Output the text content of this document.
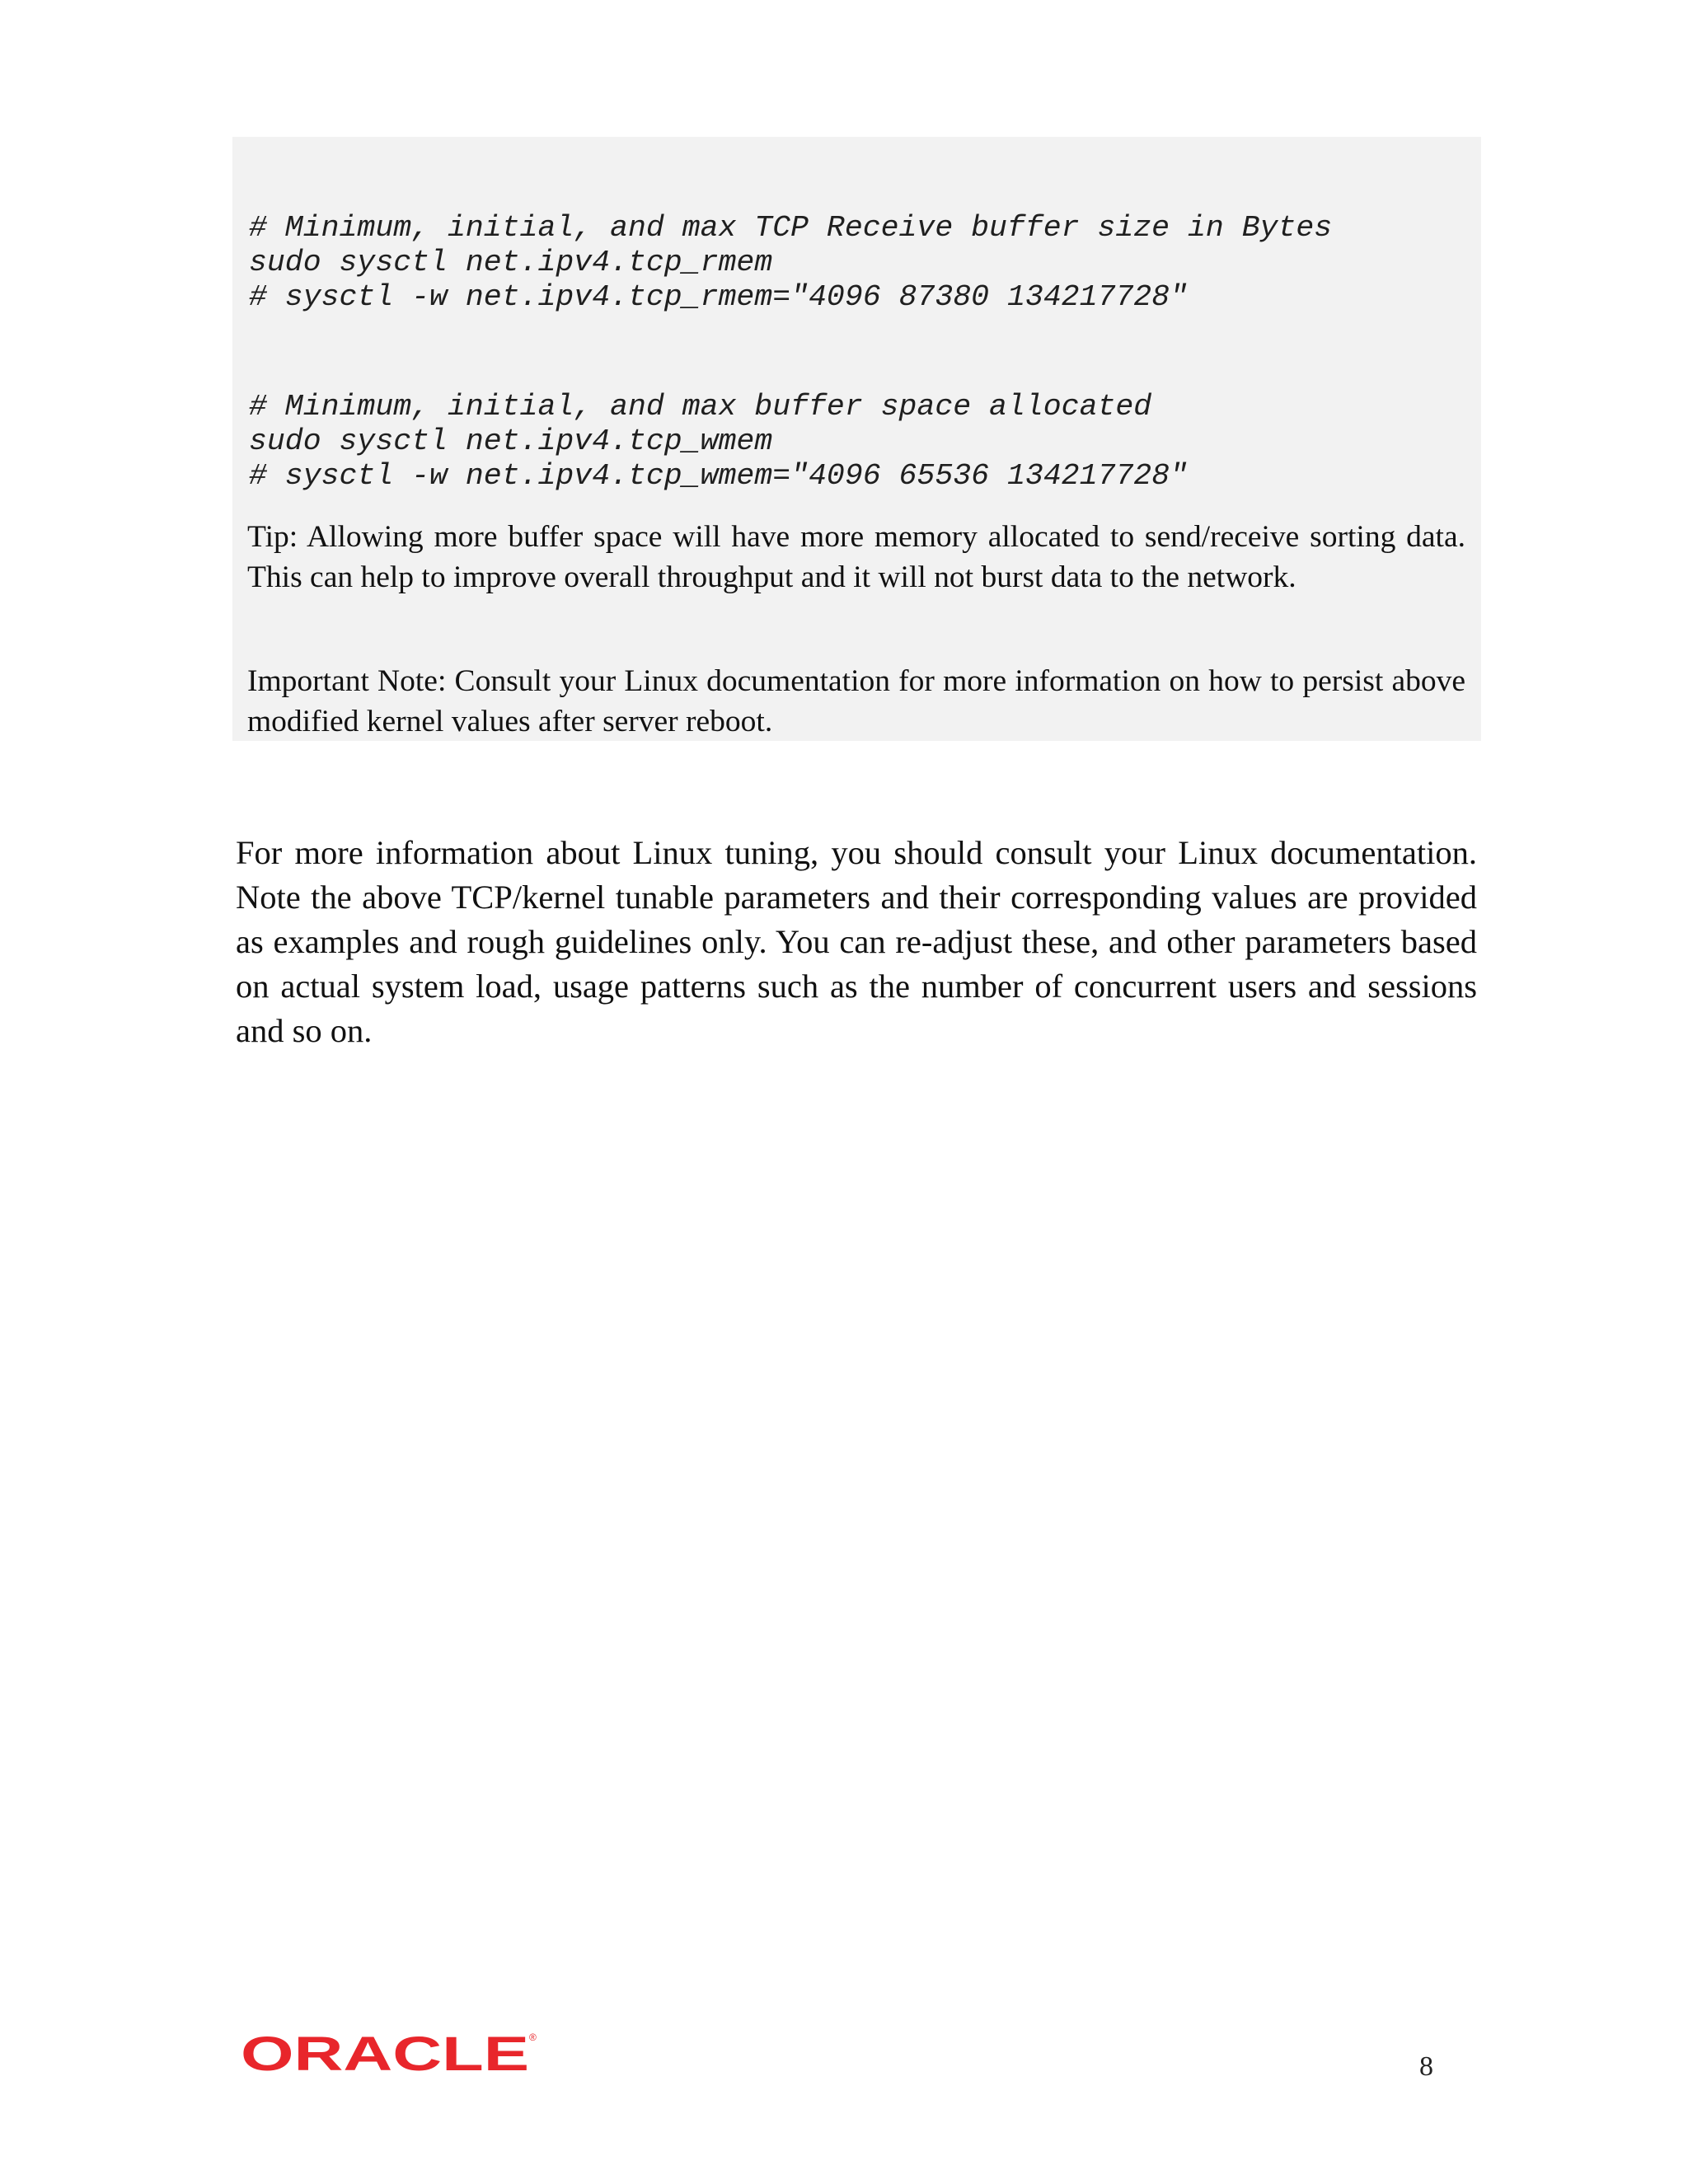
# Minimum, initial, and max TCP Receive buffer size in Bytes
sudo sysctl net.ipv4.tcp_rmem
# sysctl -w net.ipv4.tcp_rmem="4096 87380 134217728"
# Minimum, initial, and max buffer space allocated
sudo sysctl net.ipv4.tcp_wmem
# sysctl -w net.ipv4.tcp_wmem="4096 65536 134217728"

Tip: Allowing more buffer space will have more memory allocated to send/receive sorting data. This can help to improve overall throughput and it will not burst data to the network.

Important Note: Consult your Linux documentation for more information on how to persist above modified kernel values after server reboot.

For more information about Linux tuning, you should consult your Linux documentation. Note the above TCP/kernel tunable parameters and their corresponding values are provided as examples and rough guidelines only. You can re-adjust these, and other parameters based on actual system load, usage patterns such as the number of concurrent users and sessions and so on.

ORACLE ®
8
